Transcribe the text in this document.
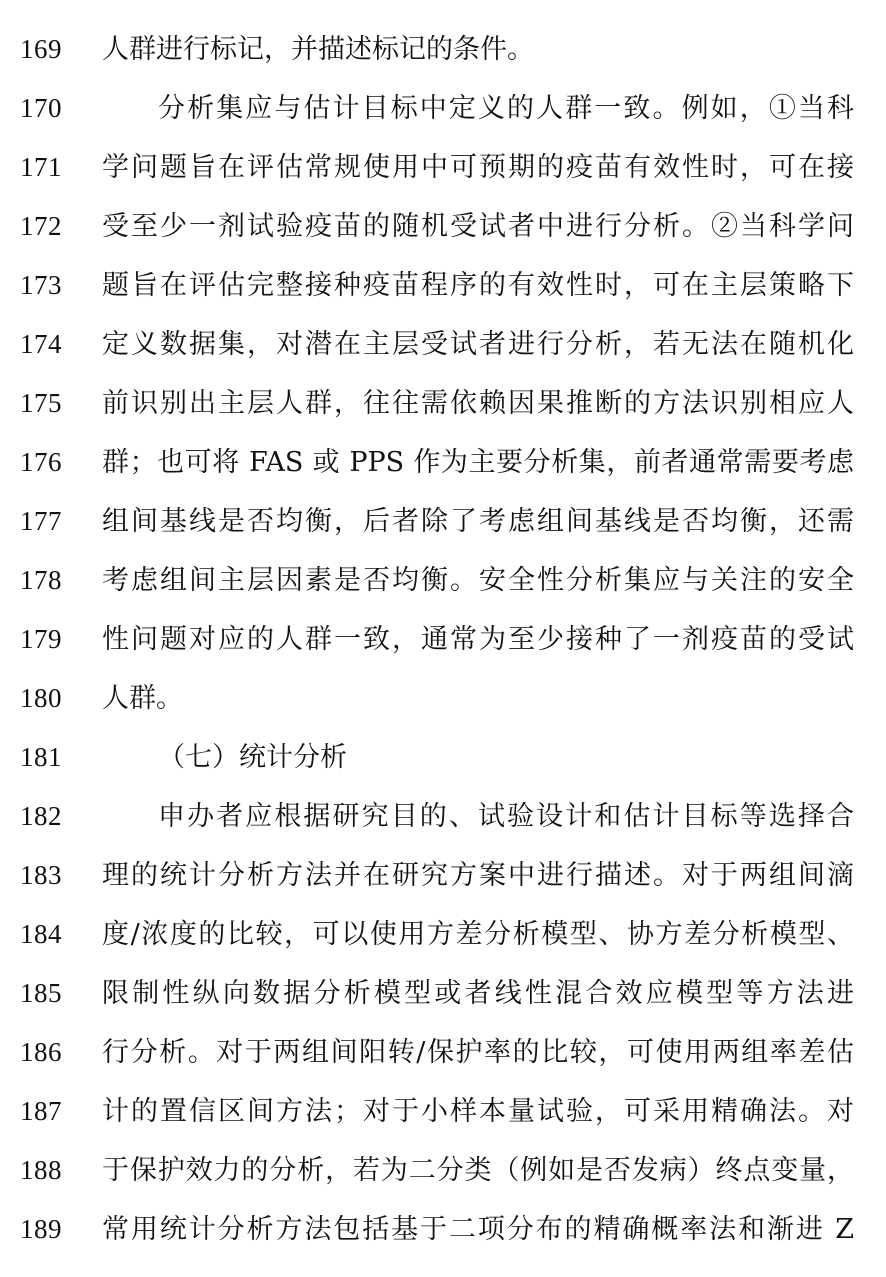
169	人群进行标记，并描述标记的条件。
170	分析集应与估计目标中定义的人群一致。例如，①当科
171	学问题旨在评估常规使用中可预期的疫苗有效性时，可在接
172	受至少一剂试验疫苗的随机受试者中进行分析。②当科学问
173	题旨在评估完整接种疫苗程序的有效性时，可在主层策略下
174	定义数据集，对潜在主层受试者进行分析，若无法在随机化
175	前识别出主层人群，往往需依赖因果推断的方法识别相应人
176	群；也可将 FAS 或 PPS 作为主要分析集，前者通常需要考虑
177	组间基线是否均衡，后者除了考虑组间基线是否均衡，还需
178	考虑组间主层因素是否均衡。安全性分析集应与关注的安全
179	性问题对应的人群一致，通常为至少接种了一剂疫苗的受试
180	人群。
181	（七）统计分析
182	申办者应根据研究目的、试验设计和估计目标等选择合
183	理的统计分析方法并在研究方案中进行描述。对于两组间滴
184	度/浓度的比较，可以使用方差分析模型、协方差分析模型、
185	限制性纵向数据分析模型或者线性混合效应模型等方法进
186	行分析。对于两组间阳转/保护率的比较，可使用两组率差估
187	计的置信区间方法；对于小样本量试验，可采用精确法。对
188	于保护效力的分析，若为二分类（例如是否发病）终点变量，
189	常用统计分析方法包括基于二项分布的精确概率法和渐进 Z
